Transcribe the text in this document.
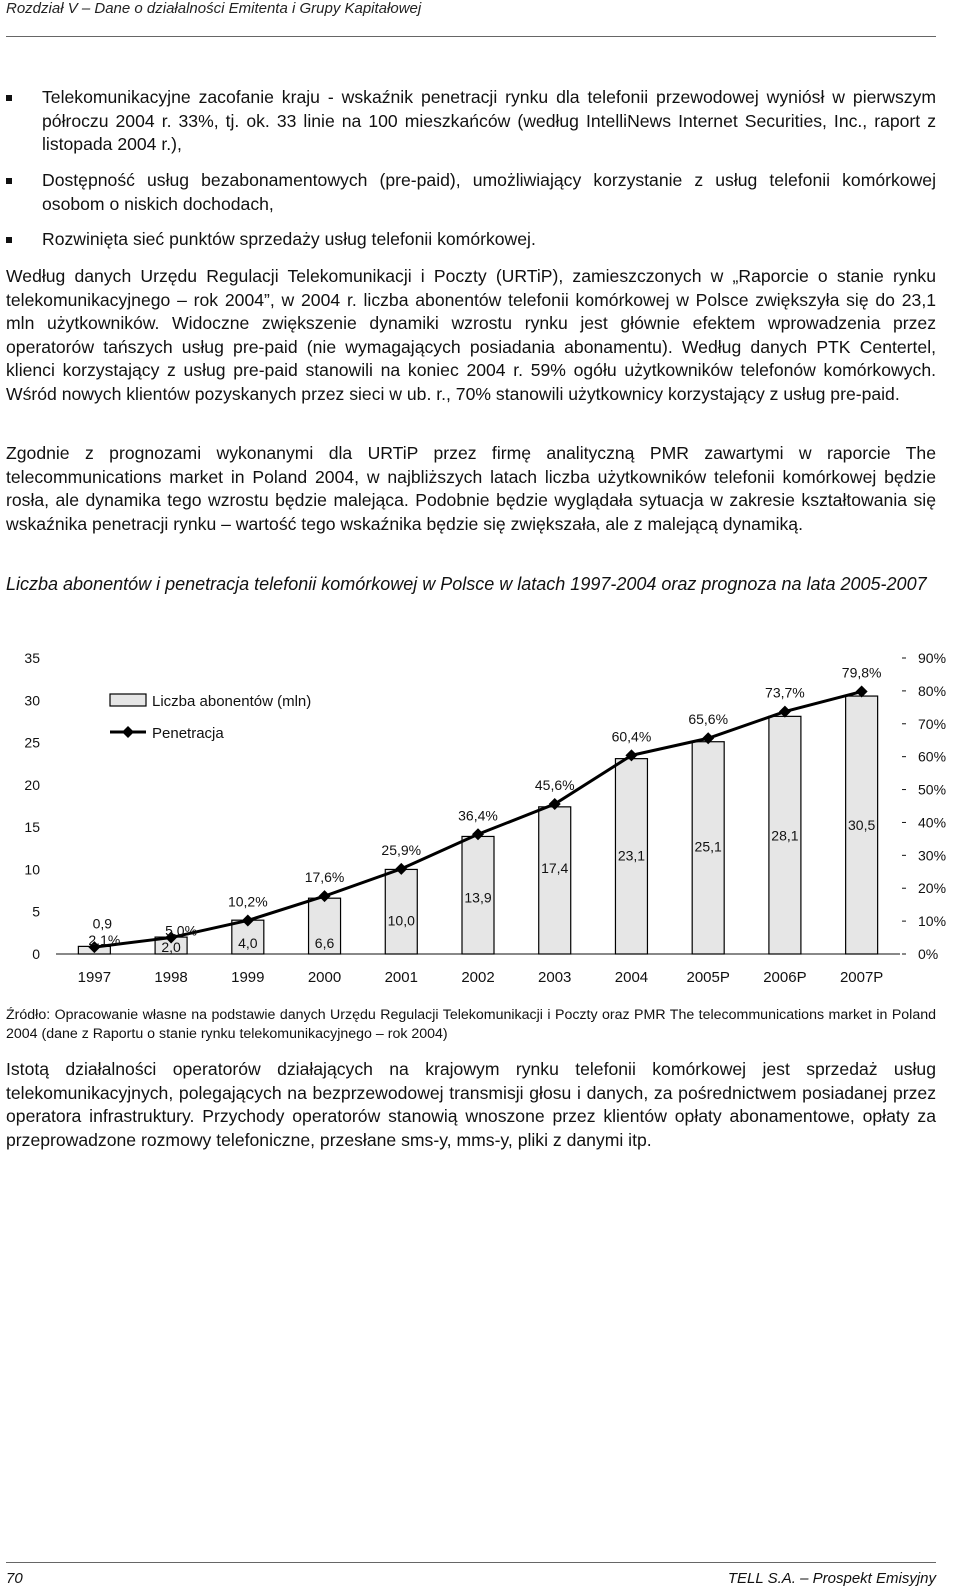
Rozdział V – Dane o działalności Emitenta i Grupy Kapitałowej
Telekomunikacyjne zacofanie kraju - wskaźnik penetracji rynku dla telefonii przewodowej wyniósł w pierwszym półroczu 2004 r. 33%, tj. ok. 33 linie na 100 mieszkańców (według IntelliNews Internet Securities, Inc., raport z listopada 2004 r.),
Dostępność usług bezabonamentowych (pre-paid), umożliwiający korzystanie z usług telefonii komórkowej osobom o niskich dochodach,
Rozwinięta sieć punktów sprzedaży usług telefonii komórkowej.
Według danych Urzędu Regulacji Telekomunikacji i Poczty (URTiP), zamieszczonych w „Raporcie o stanie rynku telekomunikacyjnego – rok 2004”, w 2004 r. liczba abonentów telefonii komórkowej w Polsce zwiększyła się do 23,1 mln użytkowników. Widoczne zwiększenie dynamiki wzrostu rynku jest głównie efektem wprowadzenia przez operatorów tańszych usług pre-paid (nie wymagających posiadania abonamentu). Według danych PTK Centertel, klienci korzystający z usług pre-paid stanowili na koniec 2004 r. 59% ogółu użytkowników telefonów komórkowych. Wśród nowych klientów pozyskanych przez sieci w ub. r., 70% stanowili użytkownicy korzystający z usług pre-paid.
Zgodnie z prognozami wykonanymi dla URTiP przez firmę analityczną PMR zawartymi w raporcie The telecommunications market in Poland 2004, w najbliższych latach liczba użytkowników telefonii komórkowej będzie rosła, ale dynamika tego wzrostu będzie malejąca. Podobnie będzie wyglądała sytuacja w zakresie kształtowania się wskaźnika penetracji rynku – wartość tego wskaźnika będzie się zwiększała, ale z malejącą dynamiką.
Liczba abonentów i penetracja telefonii komórkowej w Polsce w latach 1997-2004 oraz prognoza na lata 2005-2007
0
5
10
15
20
25
30
35
0%
10%
20%
30%
40%
50%
60%
70%
80%
90%
1997	1998	1999	2000	2001	2002	2003	2004	2005P 2006P 2007P
0,9
2,0	4,0	6,6
10,0
13,9
17,4
23,1
25,1
28,1
30,5
2,1%
5,0%
10,2%
17,6%
25,9%
36,4%
45,6%
60,4%
65,6%
73,7%
79,8%
Liczba abonentów (mln)
Penetracja
Źródło: Opracowanie własne na podstawie danych Urzędu Regulacji Telekomunikacji i Poczty oraz PMR The telecommunications market in Poland 2004 (dane z Raportu o stanie rynku telekomunikacyjnego – rok 2004)
Istotą działalności operatorów działających na krajowym rynku telefonii komórkowej jest sprzedaż usług telekomunikacyjnych, polegających na bezprzewodowej transmisji głosu i danych, za pośrednictwem posiadanej przez operatora infrastruktury. Przychody operatorów stanowią wnoszone przez klientów opłaty abonamentowe, opłaty za przeprowadzone rozmowy telefoniczne, przesłane sms-y, mms-y, pliki z danymi itp.
70	TELL S.A. – Prospekt Emisyjny
